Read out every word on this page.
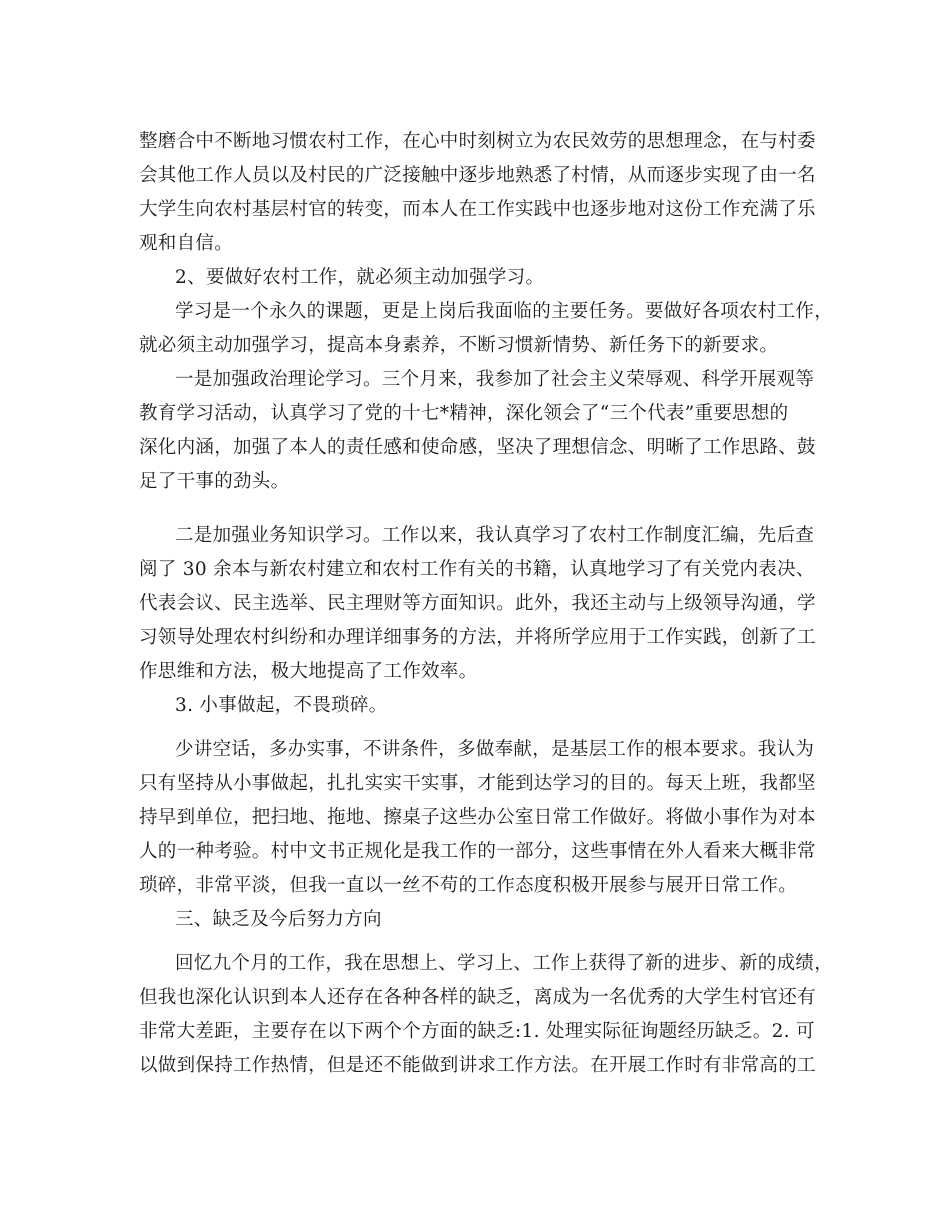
整磨合中不断地习惯农村工作，在心中时刻树立为农民效劳的思想理念，在与村委
会其他工作人员以及村民的广泛接触中逐步地熟悉了村情，从而逐步实现了由一名
大学生向农村基层村官的转变，而本人在工作实践中也逐步地对这份工作充满了乐
观和自信。
2、要做好农村工作，就必须主动加强学习。
学习是一个永久的课题，更是上岗后我面临的主要任务。要做好各项农村工作，
就必须主动加强学习，提高本身素养，不断习惯新情势、新任务下的新要求。
一是加强政治理论学习。三个月来，我参加了社会主义荣辱观、科学开展观等
教育学习活动，认真学习了党的十七*精神，深化领会了“三个代表”重要思想的
深化内涵，加强了本人的责任感和使命感，坚决了理想信念、明晰了工作思路、鼓
足了干事的劲头。
二是加强业务知识学习。工作以来，我认真学习了农村工作制度汇编，先后查
阅了 30 余本与新农村建立和农村工作有关的书籍，认真地学习了有关党内表决、
代表会议、民主选举、民主理财等方面知识。此外，我还主动与上级领导沟通，学
习领导处理农村纠纷和办理详细事务的方法，并将所学应用于工作实践，创新了工
作思维和方法，极大地提高了工作效率。
3. 小事做起，不畏琐碎。
少讲空话，多办实事，不讲条件，多做奉献，是基层工作的根本要求。我认为
只有坚持从小事做起，扎扎实实干实事，才能到达学习的目的。每天上班，我都坚
持早到单位，把扫地、拖地、擦桌子这些办公室日常工作做好。将做小事作为对本
人的一种考验。村中文书正规化是我工作的一部分，这些事情在外人看来大概非常
琐碎，非常平淡，但我一直以一丝不苟的工作态度积极开展参与展开日常工作。
三、缺乏及今后努力方向
回忆九个月的工作，我在思想上、学习上、工作上获得了新的进步、新的成绩，
但我也深化认识到本人还存在各种各样的缺乏，离成为一名优秀的大学生村官还有
非常大差距，主要存在以下两个个方面的缺乏:1. 处理实际征询题经历缺乏。2. 可
以做到保持工作热情，但是还不能做到讲求工作方法。在开展工作时有非常高的工
